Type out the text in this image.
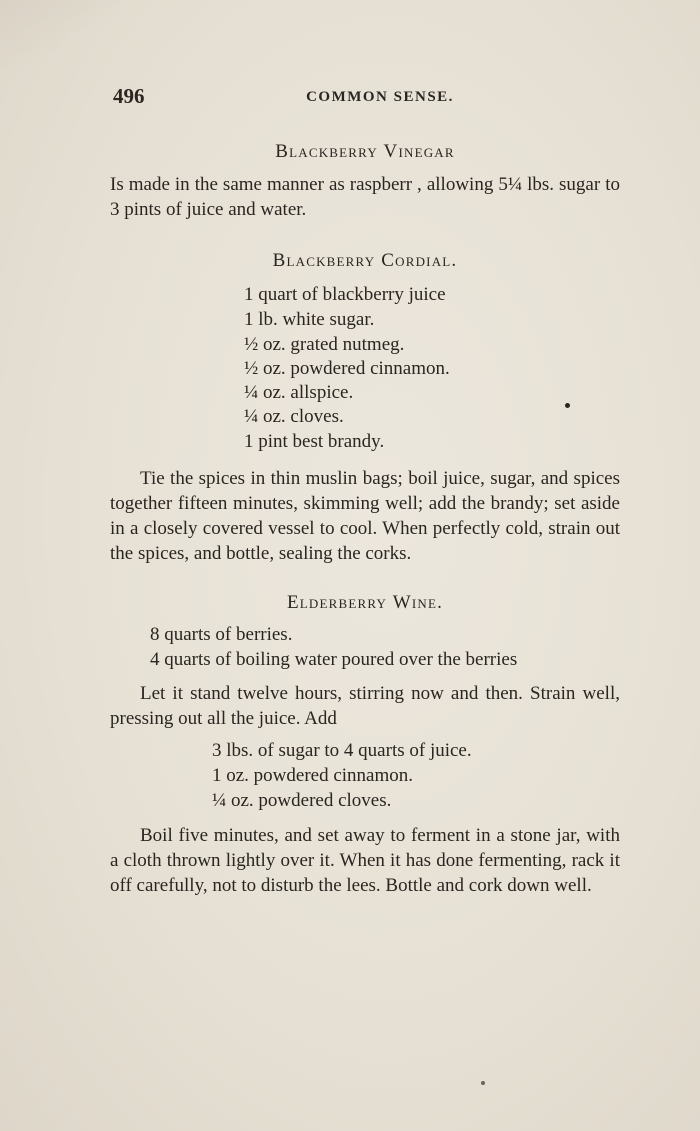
496	COMMON SENSE.
Blackberry Vinegar

Is made in the same manner as raspberr , allowing 5¼ lbs. sugar to 3 pints of juice and water.

Blackberry Cordial.
1 quart of blackberry juice
1 lb. white sugar.
½ oz. grated nutmeg.
½ oz. powdered cinnamon.
¼ oz. allspice.
¼ oz. cloves.
1 pint best brandy.

Tie the spices in thin muslin bags; boil juice, sugar, and spices together fifteen minutes, skimming well; add the brandy; set aside in a closely covered vessel to cool. When perfectly cold, strain out the spices, and bottle, sealing the corks.

Elderberry Wine.
8 quarts of berries.
4 quarts of boiling water poured over the berries

Let it stand twelve hours, stirring now and then. Strain well, pressing out all the juice. Add

3 lbs. of sugar to 4 quarts of juice.
1 oz. powdered cinnamon.
¼ oz. powdered cloves.

Boil five minutes, and set away to ferment in a stone jar, with a cloth thrown lightly over it. When it has done fermenting, rack it off carefully, not to disturb the lees. Bottle and cork down well.
